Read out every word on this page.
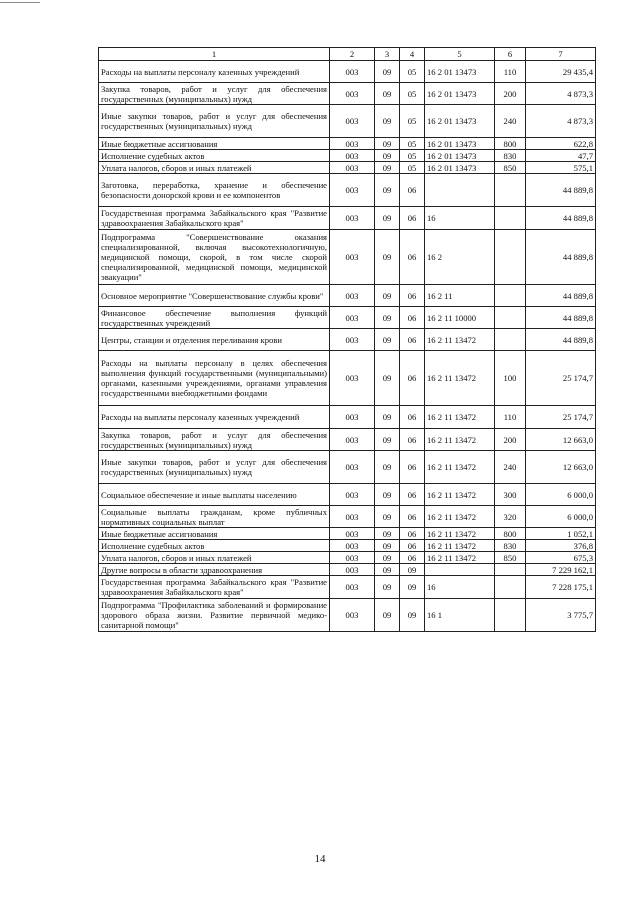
1	2	3	4	5	6	7
Расходы на выплаты персоналу казенных учреждений	003	09	05	16 2 01 13473	110	29 435,4
Закупка товаров, работ и услуг для обеспечения государственных (муниципальных) нужд	003	09	05	16 2 01 13473	200	4 873,3
Иные закупки товаров, работ и услуг для обеспечения государственных (муниципальных) нужд	003	09	05	16 2 01 13473	240	4 873,3
Иные бюджетные ассигнования	003	09	05	16 2 01 13473	800	622,8
Исполнение судебных актов	003	09	05	16 2 01 13473	830	47,7
Уплата налогов, сборов и иных платежей	003	09	05	16 2 01 13473	850	575,1
Заготовка, переработка, хранение и обеспечение безопасности донорской крови и ее компонентов	003	09	06			44 889,8
Государственная программа Забайкальского края "Развитие здравоохранения Забайкальского края"	003	09	06	16		44 889,8
Подпрограмма "Совершенствование оказания специализированной, включая высокотехнологичную, медицинской помощи, скорой, в том числе скорой специализированной, медицинской помощи, медицинской эвакуации"	003	09	06	16 2		44 889,8
Основное мероприятие "Совершенствование службы крови"	003	09	06	16 2 11		44 889,8
Финансовое обеспечение выполнения функций государственных учреждений	003	09	06	16 2 11 10000		44 889,8
Центры, станции и отделения переливания крови	003	09	06	16 2 11 13472		44 889,8
Расходы на выплаты персоналу в целях обеспечения выполнения функций государственными (муниципальными) органами, казенными учреждениями, органами управления государственными внебюджетными фондами	003	09	06	16 2 11 13472	100	25 174,7
Расходы на выплаты персоналу казенных учреждений	003	09	06	16 2 11 13472	110	25 174,7
Закупка товаров, работ и услуг для обеспечения государственных (муниципальных) нужд	003	09	06	16 2 11 13472	200	12 663,0
Иные закупки товаров, работ и услуг для обеспечения государственных (муниципальных) нужд	003	09	06	16 2 11 13472	240	12 663,0
Социальное обеспечение и иные выплаты населению	003	09	06	16 2 11 13472	300	6 000,0
Социальные выплаты гражданам, кроме публичных нормативных социальных выплат	003	09	06	16 2 11 13472	320	6 000,0
Иные бюджетные ассигнования	003	09	06	16 2 11 13472	800	1 052,1
Исполнение судебных актов	003	09	06	16 2 11 13472	830	376,8
Уплата налогов, сборов и иных платежей	003	09	06	16 2 11 13472	850	675,3
Другие вопросы в области здравоохранения	003	09	09			7 229 162,1
Государственная программа Забайкальского края "Развитие здравоохранения Забайкальского края"	003	09	09	16		7 228 175,1
Подпрограмма "Профилактика заболеваний и формирование здорового образа жизни. Развитие первичной медико-санитарной помощи"	003	09	09	16 1		3 775,7
14
